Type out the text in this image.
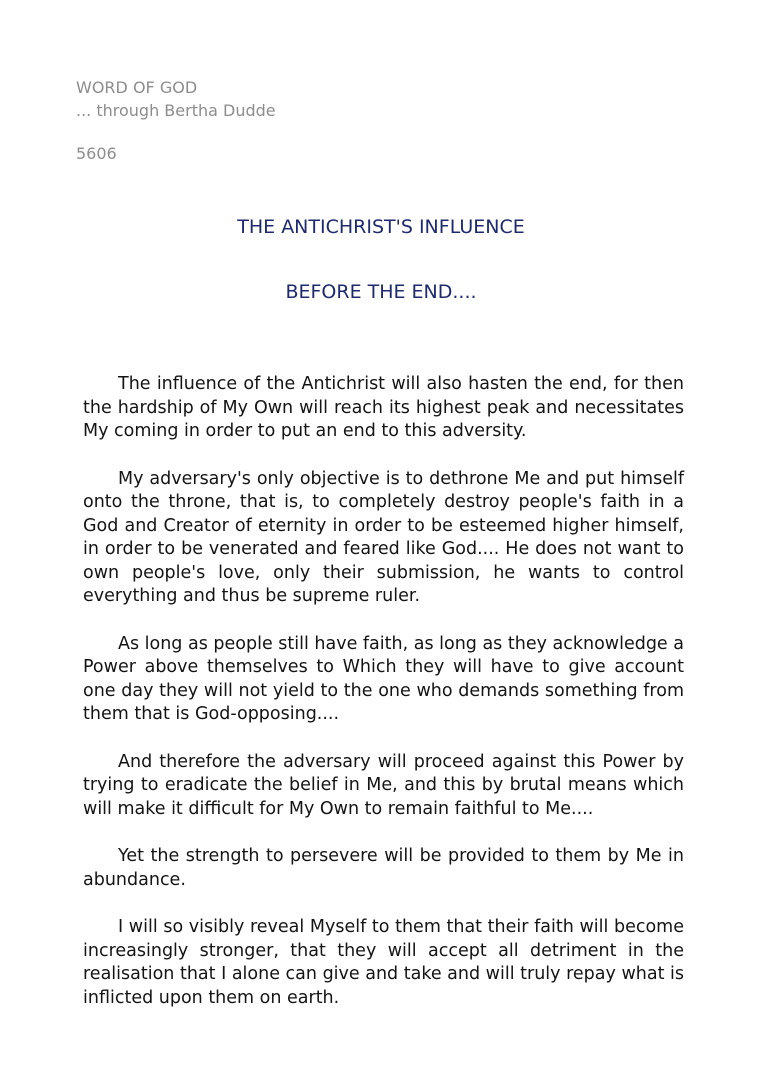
WORD OF GOD
... through Bertha Dudde
5606
THE ANTICHRIST'S INFLUENCE
BEFORE THE END....

The influence of the Antichrist will also hasten the end, for then the hardship of My Own will reach its highest peak and necessitates My coming in order to put an end to this adversity.

My adversary's only objective is to dethrone Me and put himself onto the throne, that is, to completely destroy people's faith in a God and Creator of eternity in order to be esteemed higher himself, in order to be venerated and feared like God.... He does not want to own people's love, only their submission, he wants to control everything and thus be supreme ruler.

As long as people still have faith, as long as they acknowledge a Power above themselves to Which they will have to give account one day they will not yield to the one who demands something from them that is God-opposing....

And therefore the adversary will proceed against this Power by trying to eradicate the belief in Me, and this by brutal means which will make it difficult for My Own to remain faithful to Me....

Yet the strength to persevere will be provided to them by Me in abundance.

I will so visibly reveal Myself to them that their faith will become increasingly stronger, that they will accept all detriment in the realisation that I alone can give and take and will truly repay what is inflicted upon them on earth.
